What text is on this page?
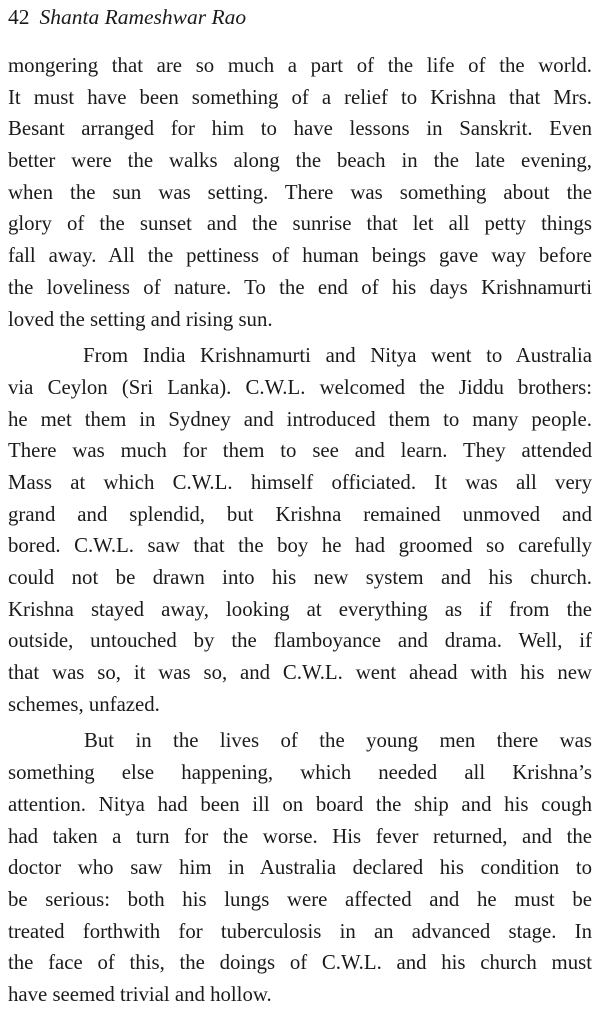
42 Shanta Rameshwar Rao
mongering that are so much a part of the life of the world.
It must have been something of a relief to Krishna that Mrs.
Besant arranged for him to have lessons in Sanskrit. Even
better were the walks along the beach in the late evening,
when the sun was setting. There was something about the
glory of the sunset and the sunrise that let all petty things
fall away. All the pettiness of human beings gave way before
the loveliness of nature. To the end of his days Krishnamurti
loved the setting and rising sun.
From India Krishnamurti and Nitya went to Australia
via Ceylon (Sri Lanka). C.W.L. welcomed the Jiddu brothers:
he met them in Sydney and introduced them to many people.
There was much for them to see and learn. They attended
Mass at which C.W.L. himself officiated. It was all very
grand and splendid, but Krishna remained unmoved and
bored. C.W.L. saw that the boy he had groomed so carefully
could not be drawn into his new system and his church.
Krishna stayed away, looking at everything as if from the
outside, untouched by the flamboyance and drama. Well, if
that was so, it was so, and C.W.L. went ahead with his new
schemes, unfazed.
But in the lives of the young men there was
something else happening, which needed all Krishna’s
attention. Nitya had been ill on board the ship and his cough
had taken a turn for the worse. His fever returned, and the
doctor who saw him in Australia declared his condition to
be serious: both his lungs were affected and he must be
treated forthwith for tuberculosis in an advanced stage. In
the face of this, the doings of C.W.L. and his church must
have seemed trivial and hollow.
